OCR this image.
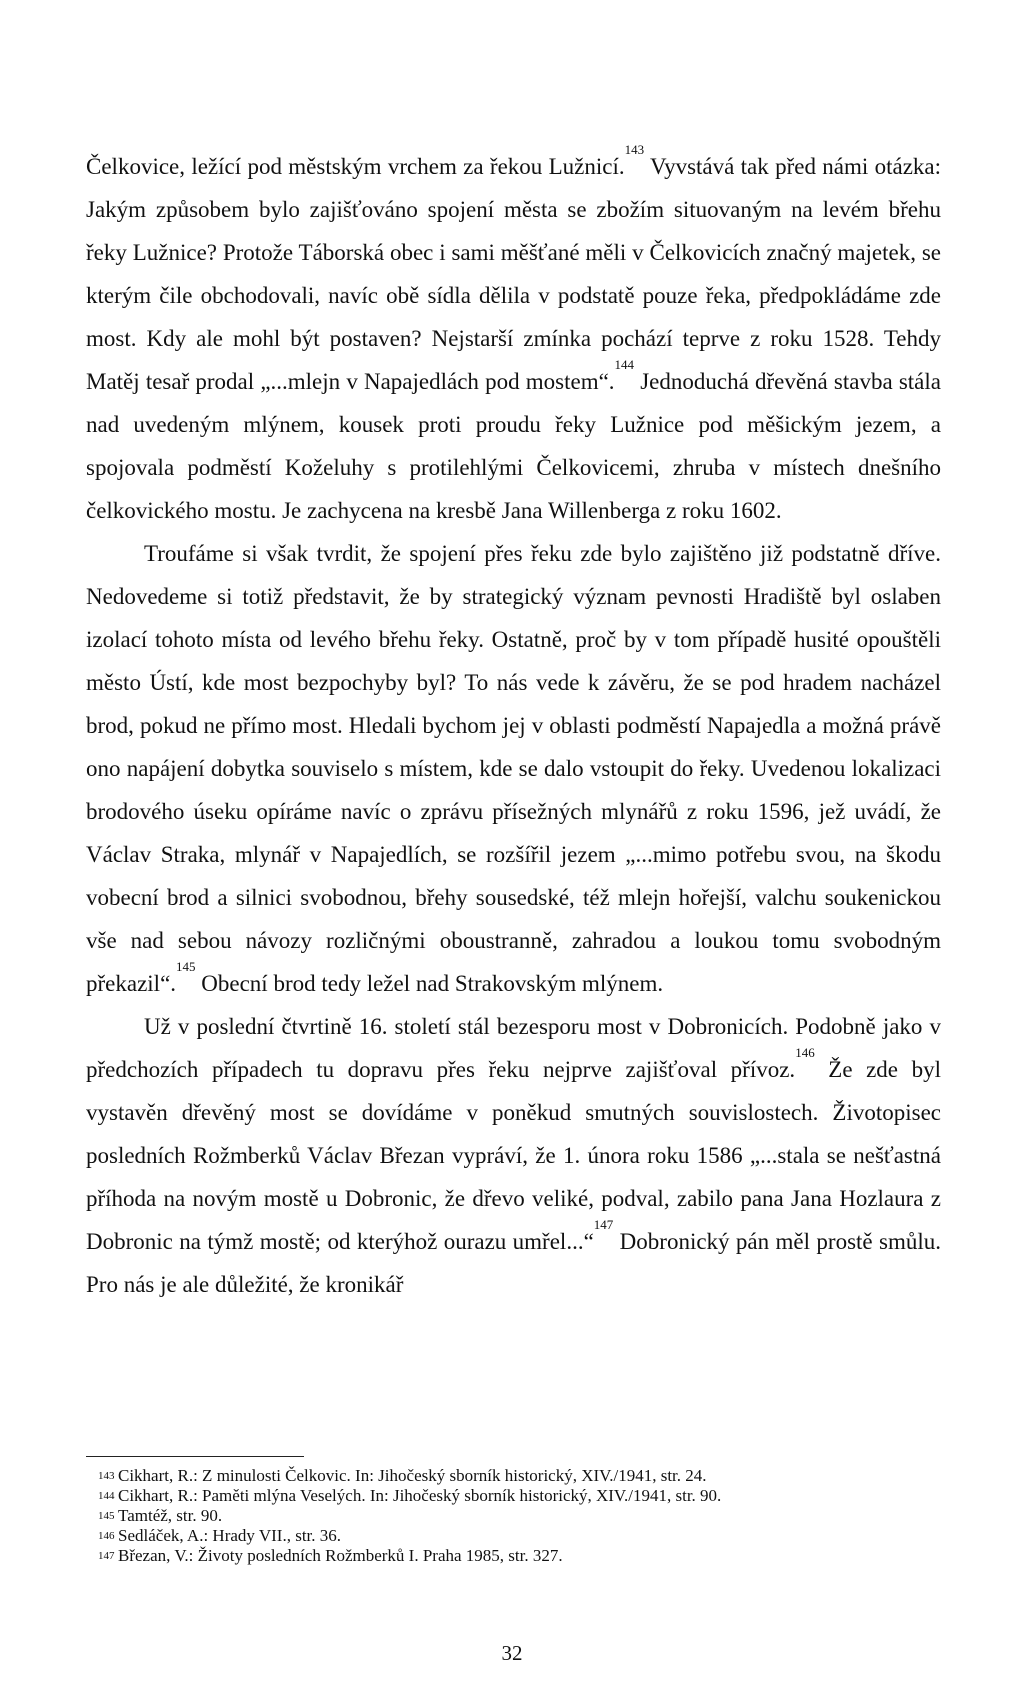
Čelkovice, ležící pod městským vrchem za řekou Lužnicí.$^{143}$ Vyvstává tak před námi otázka: Jakým způsobem bylo zajišťováno spojení města se zbožím situovaným na levém břehu řeky Lužnice? Protože Táborská obec i sami měšťané měli v Čelkovicích značný majetek, se kterým čile obchodovali, navíc obě sídla dělila v podstatě pouze řeka, předpokládáme zde most. Kdy ale mohl být postaven? Nejstarší zmínka pochází teprve z roku 1528. Tehdy Matěj tesař prodal „...mlejn v Napajedlách pod mostem“.$^{144}$ Jednoduchá dřevěná stavba stála nad uvedeným mlýnem, kousek proti proudu řeky Lužnice pod měšickým jezem, a spojovala podměstí Koželuhy s protilehlými Čelkovicemi, zhruba v místech dnešního čelkovického mostu. Je zachycena na kresbě Jana Willenberga z roku 1602.

Troufáme si však tvrdit, že spojení přes řeku zde bylo zajištěno již podstatně dříve. Nedovedeme si totiž představit, že by strategický význam pevnosti Hradiště byl oslaben izolací tohoto místa od levého břehu řeky. Ostatně, proč by v tom případě husité opouštěli město Ústí, kde most bezpochyby byl? To nás vede k závěru, že se pod hradem nacházel brod, pokud ne přímo most. Hledali bychom jej v oblasti podměstí Napajedla a možná právě ono napájení dobytka souviselo s místem, kde se dalo vstoupit do řeky. Uvedenou lokalizaci brodového úseku opíráme navíc o zprávu přísežných mlynářů z roku 1596, jež uvádí, že Václav Straka, mlynář v Napajedlích, se rozšířil jezem „...mimo potřebu svou, na škodu vobecní brod a silnici svobodnou, břehy sousedské, též mlejn hořejší, valchu soukenickou vše nad sebou návozy rozličnými oboustranně, zahradou a loukou tomu svobodným překazil“.$^{145}$ Obecní brod tedy ležel nad Strakovským mlýnem.

Už v poslední čtvrtině 16. století stál bezesporu most v Dobronicích. Podobně jako v předchozích případech tu dopravu přes řeku nejprve zajišťoval přívoz.$^{146}$ Že zde byl vystavěn dřevěný most se dovídáme v poněkud smutných souvislostech. Životopisec posledních Rožmberků Václav Březan vypráví, že 1. února roku 1586 „...stala se nešťastná příhoda na novým mostě u Dobronic, že dřevo veliké, podval, zabilo pana Jana Hozlaura z Dobronic na týmž mostě; od kterýhož ourazu umřel...“$^{147}$ Dobronický pán měl prostě smůlu. Pro nás je ale důležité, že kronikář

143 Cikhart, R.: Z minulosti Čelkovic. In: Jihočeský sborník historický, XIV./1941, str. 24.

144 Cikhart, R.: Paměti mlýna Veselých. In: Jihočeský sborník historický, XIV./1941, str. 90.

145 Tamtéž, str. 90.

146 Sedláček, A.: Hrady VII., str. 36.

147 Březan, V.: Životy posledních Rožmberků I. Praha 1985, str. 327.

32
